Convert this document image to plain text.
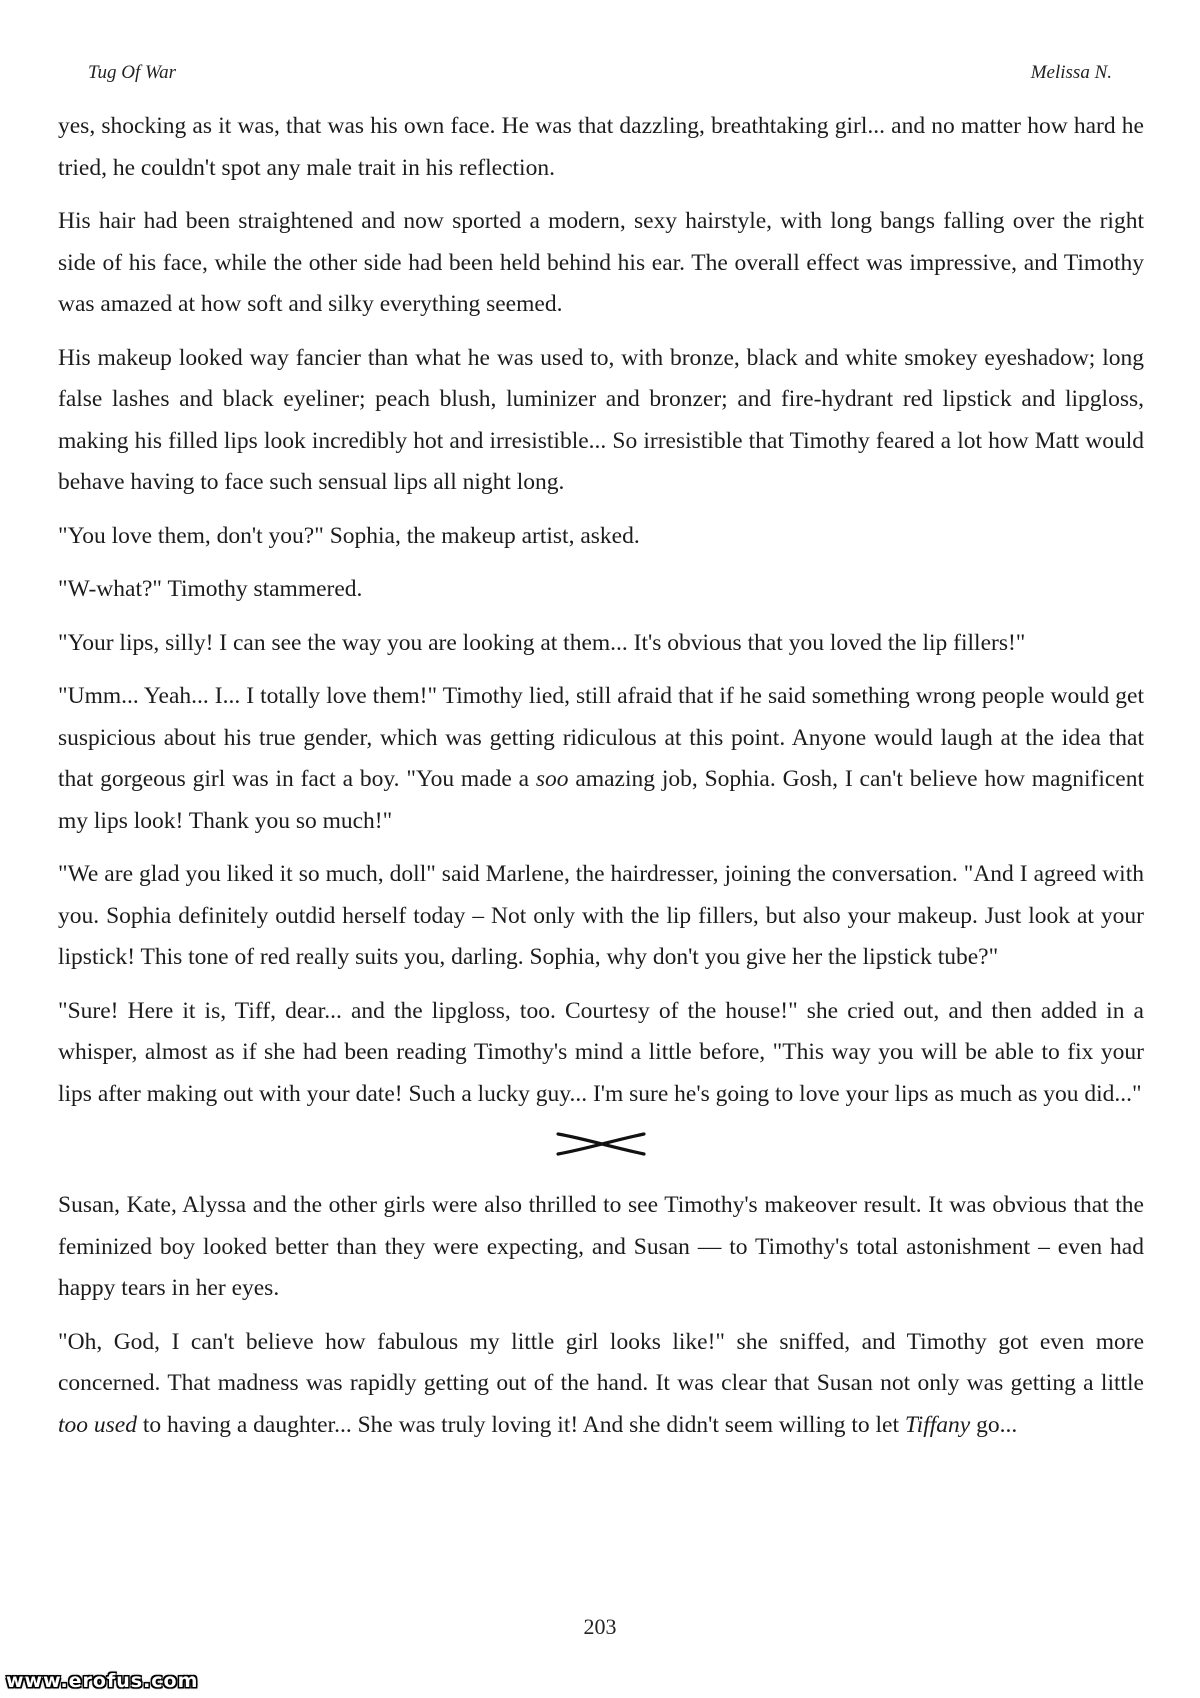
Tug Of War	Melissa N.

yes, shocking as it was, that was his own face. He was that dazzling, breathtaking girl... and no matter how hard he tried, he couldn't spot any male trait in his reflection.

His hair had been straightened and now sported a modern, sexy hairstyle, with long bangs falling over the right side of his face, while the other side had been held behind his ear. The overall effect was impressive, and Timothy was amazed at how soft and silky everything seemed.

His makeup looked way fancier than what he was used to, with bronze, black and white smokey eyeshadow; long false lashes and black eyeliner; peach blush, luminizer and bronzer; and fire-hydrant red lipstick and lipgloss, making his filled lips look incredibly hot and irresistible... So irresistible that Timothy feared a lot how Matt would behave having to face such sensual lips all night long.

"You love them, don't you?" Sophia, the makeup artist, asked.

"W-what?" Timothy stammered.

"Your lips, silly! I can see the way you are looking at them... It's obvious that you loved the lip fillers!"

"Umm... Yeah... I... I totally love them!" Timothy lied, still afraid that if he said something wrong people would get suspicious about his true gender, which was getting ridiculous at this point. Anyone would laugh at the idea that that gorgeous girl was in fact a boy. "You made a soo amazing job, Sophia. Gosh, I can't believe how magnificent my lips look! Thank you so much!"

"We are glad you liked it so much, doll" said Marlene, the hairdresser, joining the conversation. "And I agreed with you. Sophia definitely outdid herself today – Not only with the lip fillers, but also your makeup. Just look at your lipstick! This tone of red really suits you, darling. Sophia, why don't you give her the lipstick tube?"

"Sure! Here it is, Tiff, dear... and the lipgloss, too. Courtesy of the house!" she cried out, and then added in a whisper, almost as if she had been reading Timothy's mind a little before, "This way you will be able to fix your lips after making out with your date! Such a lucky guy... I'm sure he's going to love your lips as much as you did..."

Susan, Kate, Alyssa and the other girls were also thrilled to see Timothy's makeover result. It was obvious that the feminized boy looked better than they were expecting, and Susan –– to Timothy's total astonishment – even had happy tears in her eyes.

"Oh, God, I can't believe how fabulous my little girl looks like!" she sniffed, and Timothy got even more concerned. That madness was rapidly getting out of the hand. It was clear that Susan not only was getting a little too used to having a daughter... She was truly loving it! And she didn't seem willing to let Tiffany go...

203
www.erofus.com
